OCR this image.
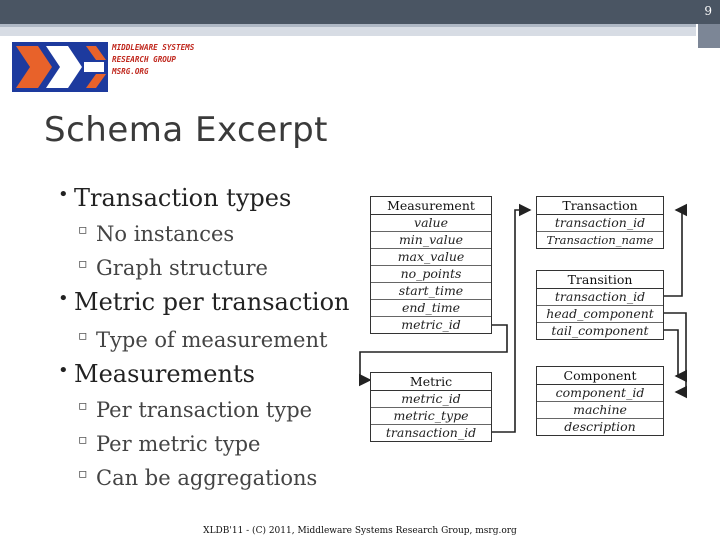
9
MIDDLEWARE SYSTEMS
RESEARCH GROUP
MSRG.ORG
Schema Excerpt
• Transaction types
▫ No instances
▫ Graph structure
• Metric per transaction
▫ Type of measurement
• Measurements
▫ Per transaction type
▫ Per metric type
▫ Can be aggregations
Measurement
value
min_value
max_value
no_points
start_time
end_time
metric_id
Metric
metric_id
metric_type
transaction_id
Transaction
transaction_id
Transaction_name
Transition
transaction_id
head_component
tail_component
Component
component_id
machine
description
XLDB'11 - (C) 2011, Middleware Systems Research Group, msrg.org
